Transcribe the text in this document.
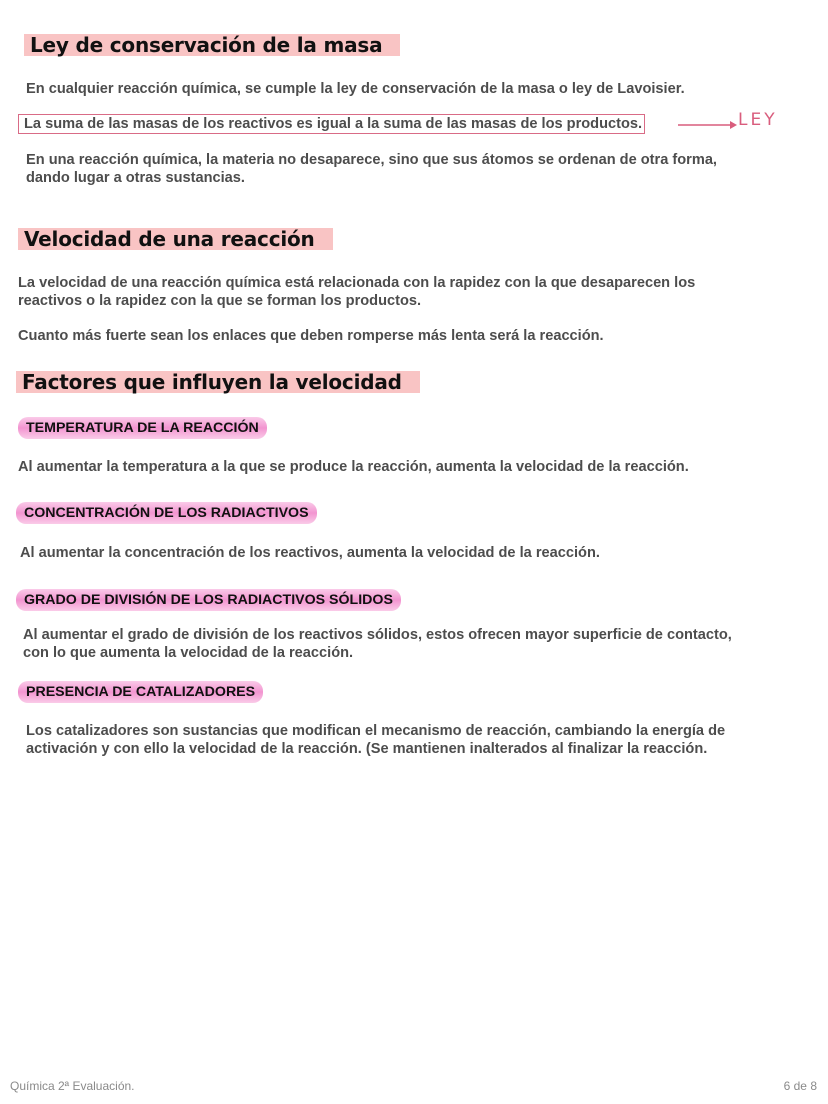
Ley de conservación de la masa

En cualquier reacción química, se cumple la ley de conservación de la masa o ley de Lavoisier.

La suma de las masas de los reactivos es igual a la suma de las masas de los productos.	LEY

En una reacción química, la materia no desaparece, sino que sus átomos se ordenan de otra forma,

dando lugar a otras sustancias.

Velocidad de una reacción

La velocidad de una reacción química está relacionada con la rapidez con la que desaparecen los

reactivos o la rapidez con la que se forman los productos.

Cuanto más fuerte sean los enlaces que deben romperse más lenta será la reacción.

Factores que influyen la velocidad
TEMPERATURA DE LA REACCIÓN

Al aumentar la temperatura a la que se produce la reacción, aumenta la velocidad de la reacción.

CONCENTRACIÓN DE LOS RADIACTIVOS

Al aumentar la concentración de los reactivos, aumenta la velocidad de la reacción.

GRADO DE DIVISIÓN DE LOS RADIACTIVOS SÓLIDOS

Al aumentar el grado de división de los reactivos sólidos, estos ofrecen mayor superficie de contacto,

con lo que aumenta la velocidad de la reacción.

PRESENCIA DE CATALIZADORES

Los catalizadores son sustancias que modifican el mecanismo de reacción, cambiando la energía de

activación y con ello la velocidad de la reacción. (Se mantienen inalterados al finalizar la reacción.

Química 2ª Evaluación.	6 de 8
